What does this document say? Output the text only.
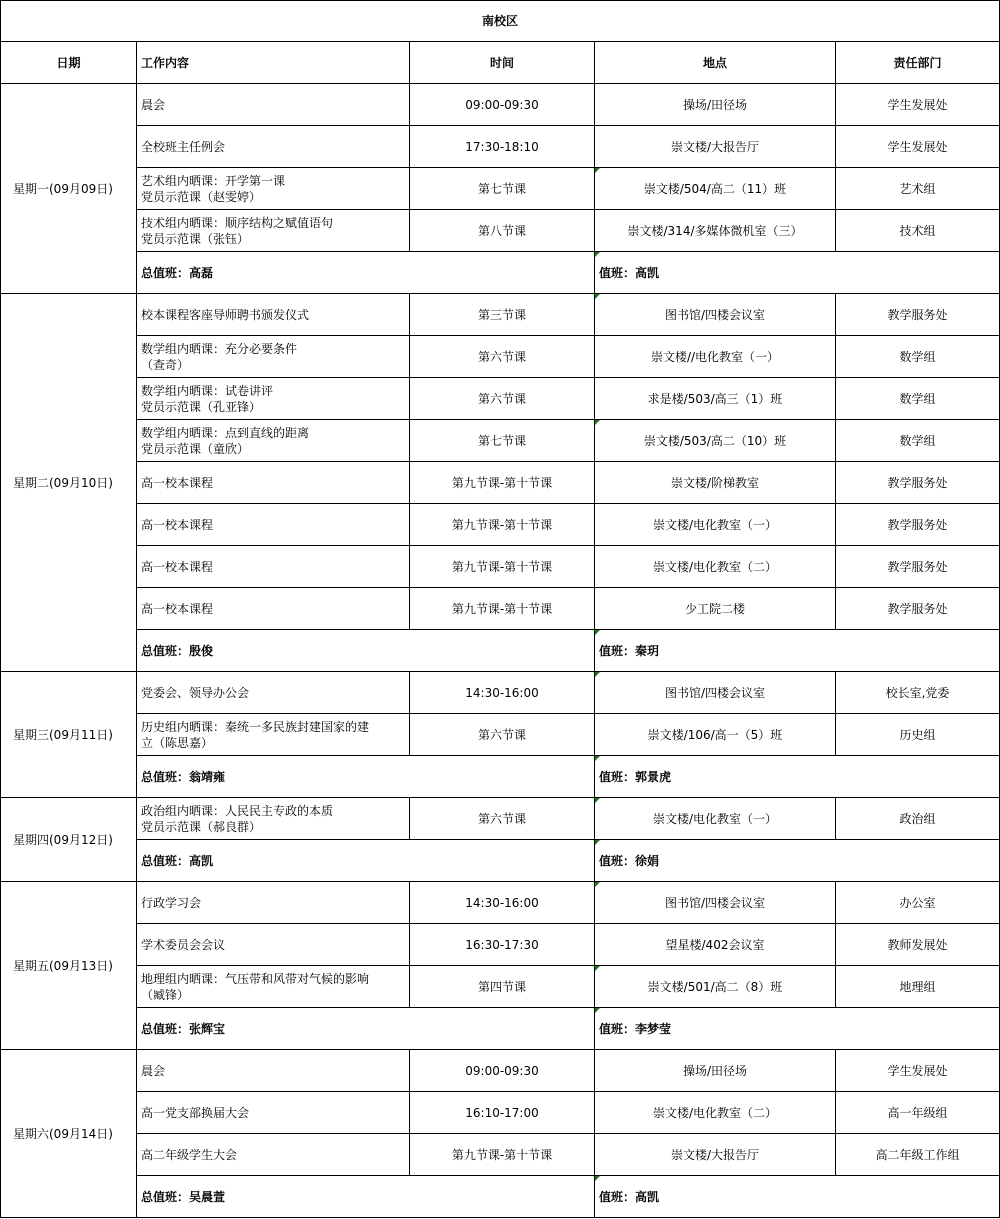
南校区				
日期	工作内容	时间	地点	责任部门
星期一(09月09日)	晨会	09:00-09:30	操场/田径场	学生发展处

	全校班主任例会	17:30-18:10	崇文楼/大报告厅	学生发展处

	艺术组内晒课：开学第一课
党员示范课（赵雯婷）	第七节课	崇文楼/504/高二（11）班	艺术组

	技术组内晒课：顺序结构之赋值语句
党员示范课（张钰）	第八节课	崇文楼/314/多媒体微机室（三）	技术组
	总值班：高磊		值班：高凯	
星期二(09月10日)	校本课程客座导师聘书颁发仪式	第三节课	图书馆/四楼会议室	教学服务处

	数学组内晒课：充分必要条件
（查奇）	第六节课	崇文楼//电化教室（一）	数学组

	数学组内晒课：试卷讲评
党员示范课（孔亚锋）	第六节课	求是楼/503/高三（1）班	数学组

	数学组内晒课：点到直线的距离
党员示范课（童欣）	第七节课	崇文楼/503/高二（10）班	数学组

	高一校本课程	第九节课-第十节课	崇文楼/阶梯教室	教学服务处

	高一校本课程	第九节课-第十节课	崇文楼/电化教室（一）	教学服务处

	高一校本课程	第九节课-第十节课	崇文楼/电化教室（二）	教学服务处

	高一校本课程	第九节课-第十节课	少工院二楼	教学服务处
	总值班：殷俊		值班：秦玥	
星期三(09月11日)	党委会、领导办公会	14:30-16:00	图书馆/四楼会议室	校长室,党委

	历史组内晒课：秦统一多民族封建国家的建
立（陈思嘉）	第六节课	崇文楼/106/高一（5）班	历史组
	总值班：翁靖雍		值班：郭景虎	
星期四(09月12日)	政治组内晒课：人民民主专政的本质
党员示范课（郝良群）	第六节课	崇文楼/电化教室（一）	政治组
	总值班：高凯		值班：徐娟	
星期五(09月13日)	行政学习会	14:30-16:00	图书馆/四楼会议室	办公室

	学术委员会会议	16:30-17:30	望星楼/402会议室	教师发展处

	地理组内晒课：气压带和风带对气候的影响
（臧锋）	第四节课	崇文楼/501/高二（8）班	地理组
	总值班：张辉宝		值班：李梦莹	
星期六(09月14日)	晨会	09:00-09:30	操场/田径场	学生发展处

	高一党支部换届大会	16:10-17:00	崇文楼/电化教室（二）	高一年级组

	高二年级学生大会	第九节课-第十节课	崇文楼/大报告厅	高二年级工作组
	总值班：吴晨萱		值班：高凯	
